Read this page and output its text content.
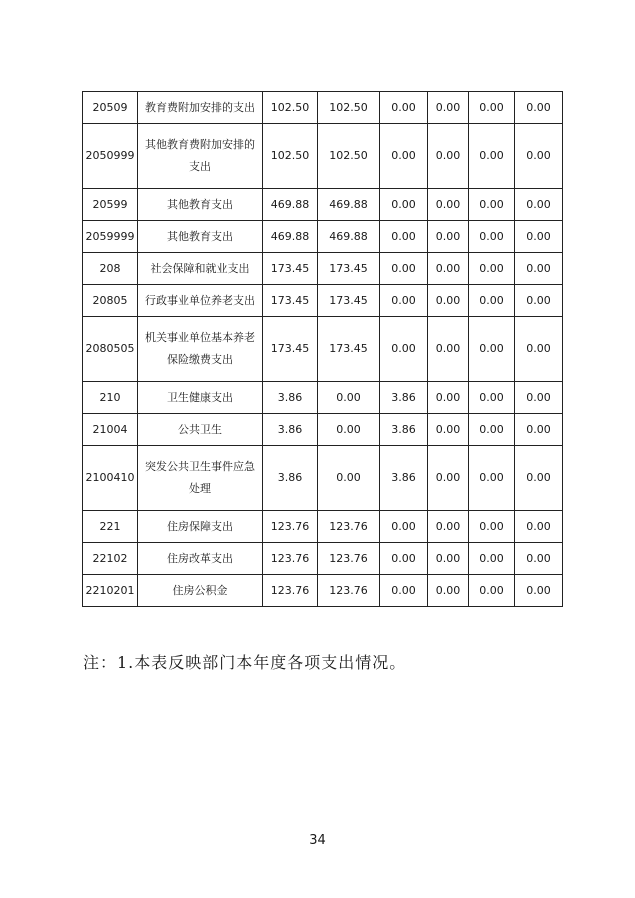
20509	教育费附加安排的支出	102.50	102.50	0.00	0.00	0.00	0.00
2050999	其他教育费附加安排的支出	102.50	102.50	0.00	0.00	0.00	0.00
20599	其他教育支出	469.88	469.88	0.00	0.00	0.00	0.00
2059999	其他教育支出	469.88	469.88	0.00	0.00	0.00	0.00
208	社会保障和就业支出	173.45	173.45	0.00	0.00	0.00	0.00
20805	行政事业单位养老支出	173.45	173.45	0.00	0.00	0.00	0.00
2080505	机关事业单位基本养老保险缴费支出	173.45	173.45	0.00	0.00	0.00	0.00
210	卫生健康支出	3.86	0.00	3.86	0.00	0.00	0.00
21004	公共卫生	3.86	0.00	3.86	0.00	0.00	0.00
2100410	突发公共卫生事件应急处理	3.86	0.00	3.86	0.00	0.00	0.00
221	住房保障支出	123.76	123.76	0.00	0.00	0.00	0.00
22102	住房改革支出	123.76	123.76	0.00	0.00	0.00	0.00
2210201	住房公积金	123.76	123.76	0.00	0.00	0.00	0.00
注：1.本表反映部门本年度各项支出情况。
34
